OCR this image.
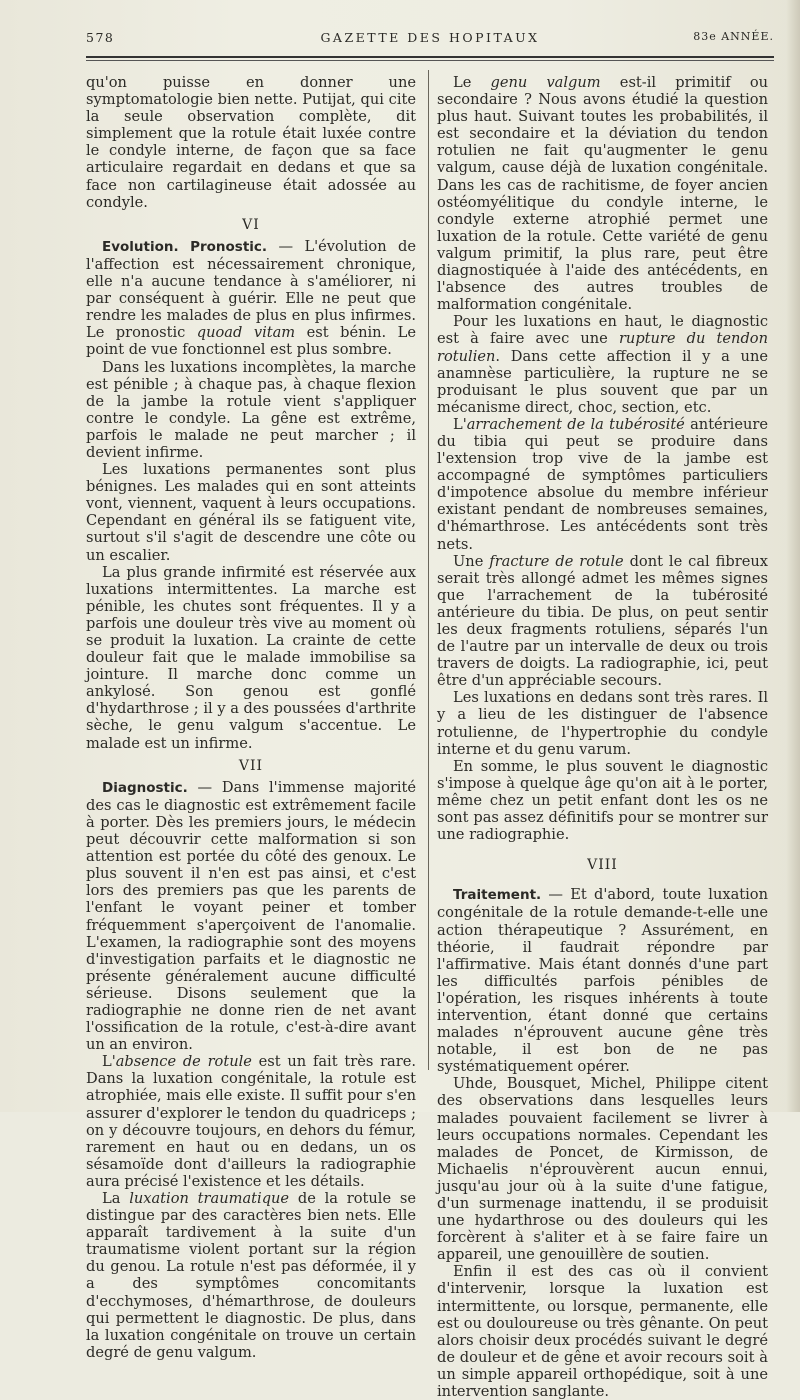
578	GAZETTE DES HOPITAUX	83e ANNÉE.

qu'on puisse en donner une symptomatologie bien nette. Putijat, qui cite la seule observation complète, dit simplement que la rotule était luxée contre le condyle interne, de façon que sa face articulaire regardait en dedans et que sa face non cartilagineuse était adossée au condyle.

VI

Evolution. Pronostic. — L'évolution de l'affection est nécessairement chronique, elle n'a aucune tendance à s'améliorer, ni par conséquent à guérir. Elle ne peut que rendre les malades de plus en plus infirmes. Le pronostic quoad vitam est bénin. Le point de vue fonctionnel est plus sombre.

Dans les luxations incomplètes, la marche est pénible ; à chaque pas, à chaque flexion de la jambe la rotule vient s'appliquer contre le condyle. La gêne est extrême, parfois le malade ne peut marcher ; il devient infirme.

Les luxations permanentes sont plus bénignes. Les malades qui en sont atteints vont, viennent, vaquent à leurs occupations. Cependant en général ils se fatiguent vite, surtout s'il s'agit de descendre une côte ou un escalier.

La plus grande infirmité est réservée aux luxations intermittentes. La marche est pénible, les chutes sont fréquentes. Il y a parfois une douleur très vive au moment où se produit la luxation. La crainte de cette douleur fait que le malade immobilise sa jointure. Il marche donc comme un ankylosé. Son genou est gonflé d'hydarthrose ; il y a des poussées d'arthrite sèche, le genu valgum s'accentue. Le malade est un infirme.

VII

Diagnostic. — Dans l'immense majorité des cas le diagnostic est extrêmement facile à porter. Dès les premiers jours, le médecin peut découvrir cette malformation si son attention est portée du côté des genoux. Le plus souvent il n'en est pas ainsi, et c'est lors des premiers pas que les parents de l'enfant le voyant peiner et tomber fréquemment s'aperçoivent de l'anomalie. L'examen, la radiographie sont des moyens d'investigation parfaits et le diagnostic ne présente généralement aucune difficulté sérieuse. Disons seulement que la radiographie ne donne rien de net avant l'ossification de la rotule, c'est-à-dire avant un an environ.

L'absence de rotule est un fait très rare. Dans la luxation congénitale, la rotule est atrophiée, mais elle existe. Il suffit pour s'en assurer d'explorer le tendon du quadriceps ; on y découvre toujours, en dehors du fémur, rarement en haut ou en dedans, un os sésamoïde dont d'ailleurs la radiographie aura précisé l'existence et les détails.

La luxation traumatique de la rotule se distingue par des caractères bien nets. Elle apparaît tardivement à la suite d'un traumatisme violent portant sur la région du genou. La rotule n'est pas déformée, il y a des symptômes concomitants d'ecchymoses, d'hémarthrose, de douleurs qui permettent le diagnostic. De plus, dans la luxation congénitale on trouve un certain degré de genu valgum.

Le genu valgum est-il primitif ou secondaire ? Nous avons étudié la question plus haut. Suivant toutes les probabilités, il est secondaire et la déviation du tendon rotulien ne fait qu'augmenter le genu valgum, cause déjà de luxation congénitale. Dans les cas de rachitisme, de foyer ancien ostéomyélitique du condyle interne, le condyle externe atrophié permet une luxation de la rotule. Cette variété de genu valgum primitif, la plus rare, peut être diagnostiquée à l'aide des antécédents, en l'absence des autres troubles de malformation congénitale.

Pour les luxations en haut, le diagnostic est à faire avec une rupture du tendon rotulien. Dans cette affection il y a une anamnèse particulière, la rupture ne se produisant le plus souvent que par un mécanisme direct, choc, section, etc.

L'arrachement de la tubérosité antérieure du tibia qui peut se produire dans l'extension trop vive de la jambe est accompagné de symptômes particuliers d'impotence absolue du membre inférieur existant pendant de nombreuses semaines, d'hémarthrose. Les antécédents sont très nets.

Une fracture de rotule dont le cal fibreux serait très allongé admet les mêmes signes que l'arrachement de la tubérosité antérieure du tibia. De plus, on peut sentir les deux fragments rotuliens, séparés l'un de l'autre par un intervalle de deux ou trois travers de doigts. La radiographie, ici, peut être d'un appréciable secours.

Les luxations en dedans sont très rares. Il y a lieu de les distinguer de l'absence rotulienne, de l'hypertrophie du condyle interne et du genu varum.

En somme, le plus souvent le diagnostic s'impose à quelque âge qu'on ait à le porter, même chez un petit enfant dont les os ne sont pas assez définitifs pour se montrer sur une radiographie.

VIII

Traitement. — Et d'abord, toute luxation congénitale de la rotule demande-t-elle une action thérapeutique ? Assurément, en théorie, il faudrait répondre par l'affirmative. Mais étant donnés d'une part les difficultés parfois pénibles de l'opération, les risques inhérents à toute intervention, étant donné que certains malades n'éprouvent aucune gêne très notable, il est bon de ne pas systématiquement opérer.

Uhde, Bousquet, Michel, Philippe citent des observations dans lesquelles leurs malades pouvaient facilement se livrer à leurs occupations normales. Cependant les malades de Poncet, de Kirmisson, de Michaelis n'éprouvèrent aucun ennui, jusqu'au jour où à la suite d'une fatigue, d'un surmenage inattendu, il se produisit une hydarthrose ou des douleurs qui les forcèrent à s'aliter et à se faire faire un appareil, une genouillère de soutien.

Enfin il est des cas où il convient d'intervenir, lorsque la luxation est intermittente, ou lorsque, permanente, elle est ou douloureuse ou très gênante. On peut alors choisir deux procédés suivant le degré de douleur et de gêne et avoir recours soit à un simple appareil orthopédique, soit à une intervention sanglante.
